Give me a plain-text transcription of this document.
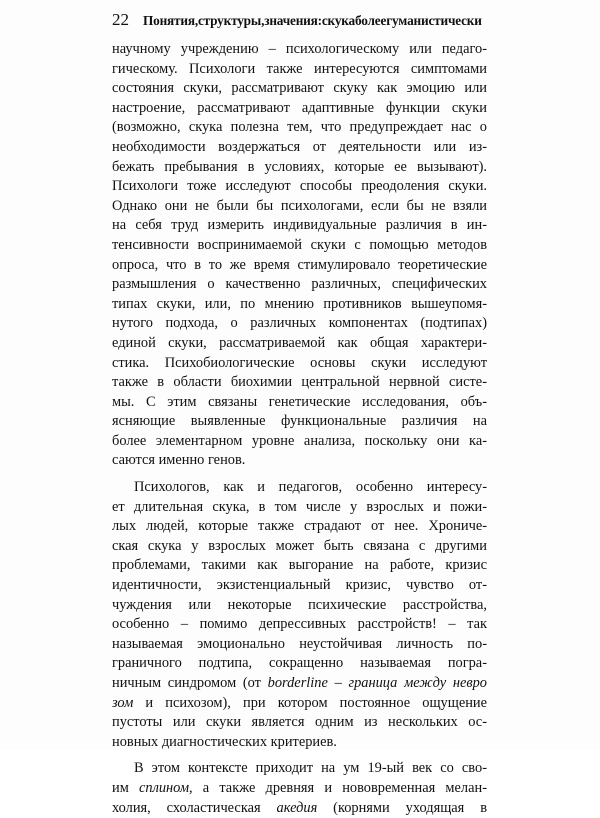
22 Понятия,структуры,значения:скукаболеегуманистически
научному учреждению – психологическому или педаго-
гическому. Психологи также интересуются симптомами
состояния скуки, рассматривают скуку как эмоцию или
настроение, рассматривают адаптивные функции скуки
(возможно, скука полезна тем, что предупреждает нас о
необходимости воздержаться от деятельности или из-
бежать пребывания в условиях, которые ее вызывают).
Психологи тоже исследуют способы преодоления скуки.
Однако они не были бы психологами, если бы не взяли
на себя труд измерить индивидуальные различия в ин-
тенсивности воспринимаемой скуки с помощью методов
опроса, что в то же время стимулировало теоретические
размышления о качественно различных, специфических
типах скуки, или, по мнению противников вышеупомя-
нутого подхода, о различных компонентах (подтипах)
единой скуки, рассматриваемой как общая характери-
стика. Психобиологические основы скуки исследуют
также в области биохимии центральной нервной систе-
мы. С этим связаны генетические исследования, объ-
ясняющие выявленные функциональные различия на
более элементарном уровне анализа, поскольку они ка-
саются именно генов.
Психологов, как и педагогов, особенно интересу-
ет длительная скука, в том числе у взрослых и пожи-
лых людей, которые также страдают от нее. Хрониче-
ская скука у взрослых может быть связана с другими
проблемами, такими как выгорание на работе, кризис
идентичности, экзистенциальный кризис, чувство от-
чуждения или некоторые психические расстройства,
особенно – помимо депрессивных расстройств! – так
называемая эмоционально неустойчивая личность по-
граничного подтипа, сокращенно называемая погра-
ничным синдромом (от borderline – граница между невро
зом и психозом), при котором постоянное ощущение
пустоты или скуки является одним из нескольких ос-
новных диагностических критериев.
В этом контексте приходит на ум 19-ый век со сво-
им сплином, а также древняя и нововременная мелан-
холия, схоластическая акедия (корнями уходящая в
